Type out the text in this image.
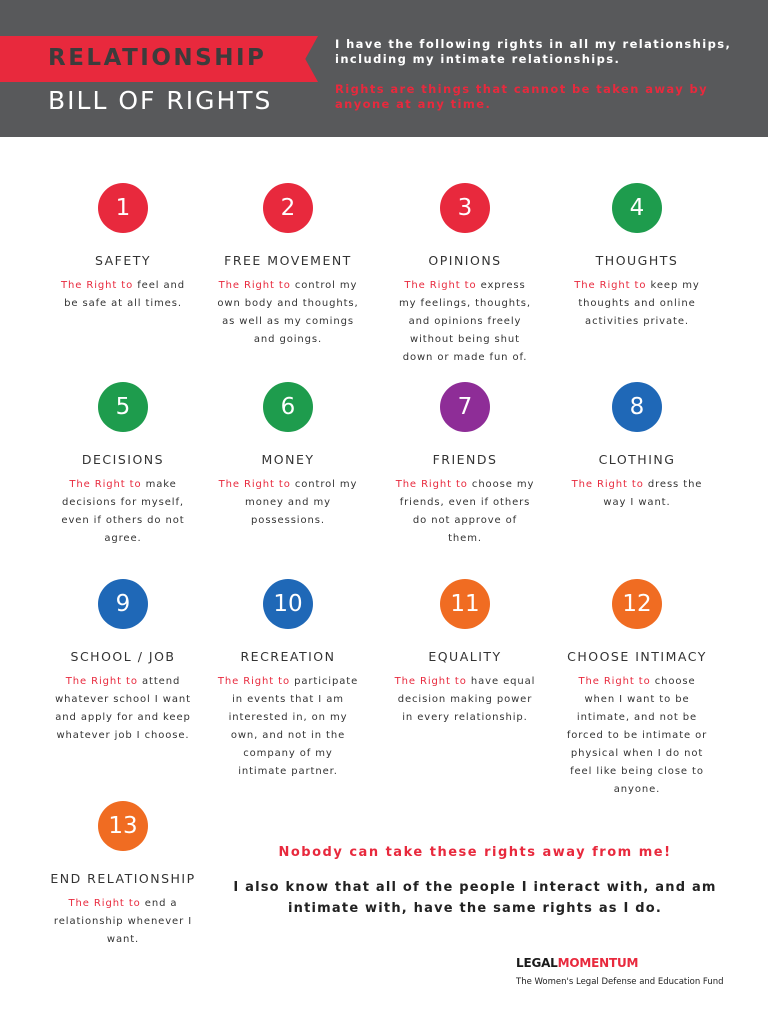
RELATIONSHIP
BILL OF RIGHTS
I have the following rights in all my relationships, including my intimate relationships.
Rights are things that cannot be taken away by anyone at any time.
1
SAFETY
The Right to feel and be safe at all times.
2
FREE MOVEMENT
The Right to control my own body and thoughts, as well as my comings and goings.
3
OPINIONS
The Right to express my feelings, thoughts, and opinions freely without being shut down or made fun of.
4
THOUGHTS
The Right to keep my thoughts and online activities private.
5
DECISIONS
The Right to make decisions for myself, even if others do not agree.
6
MONEY
The Right to control my money and my possessions.
7
FRIENDS
The Right to choose my friends, even if others do not approve of them.
8
CLOTHING
The Right to dress the way I want.
9
SCHOOL / JOB
The Right to attend whatever school I want and apply for and keep whatever job I choose.
10
RECREATION
The Right to participate in events that I am interested in, on my own, and not in the company of my intimate partner.
11
EQUALITY
The Right to have equal decision making power in every relationship.
12
CHOOSE INTIMACY
The Right to choose when I want to be intimate, and not be forced to be intimate or physical when I do not feel like being close to anyone.
13
END RELATIONSHIP
The Right to end a relationship whenever I want.
Nobody can take these rights away from me!
I also know that all of the people I interact with, and am intimate with, have the same rights as I do.
LEGALMOMENTUM
The Women's Legal Defense and Education Fund
